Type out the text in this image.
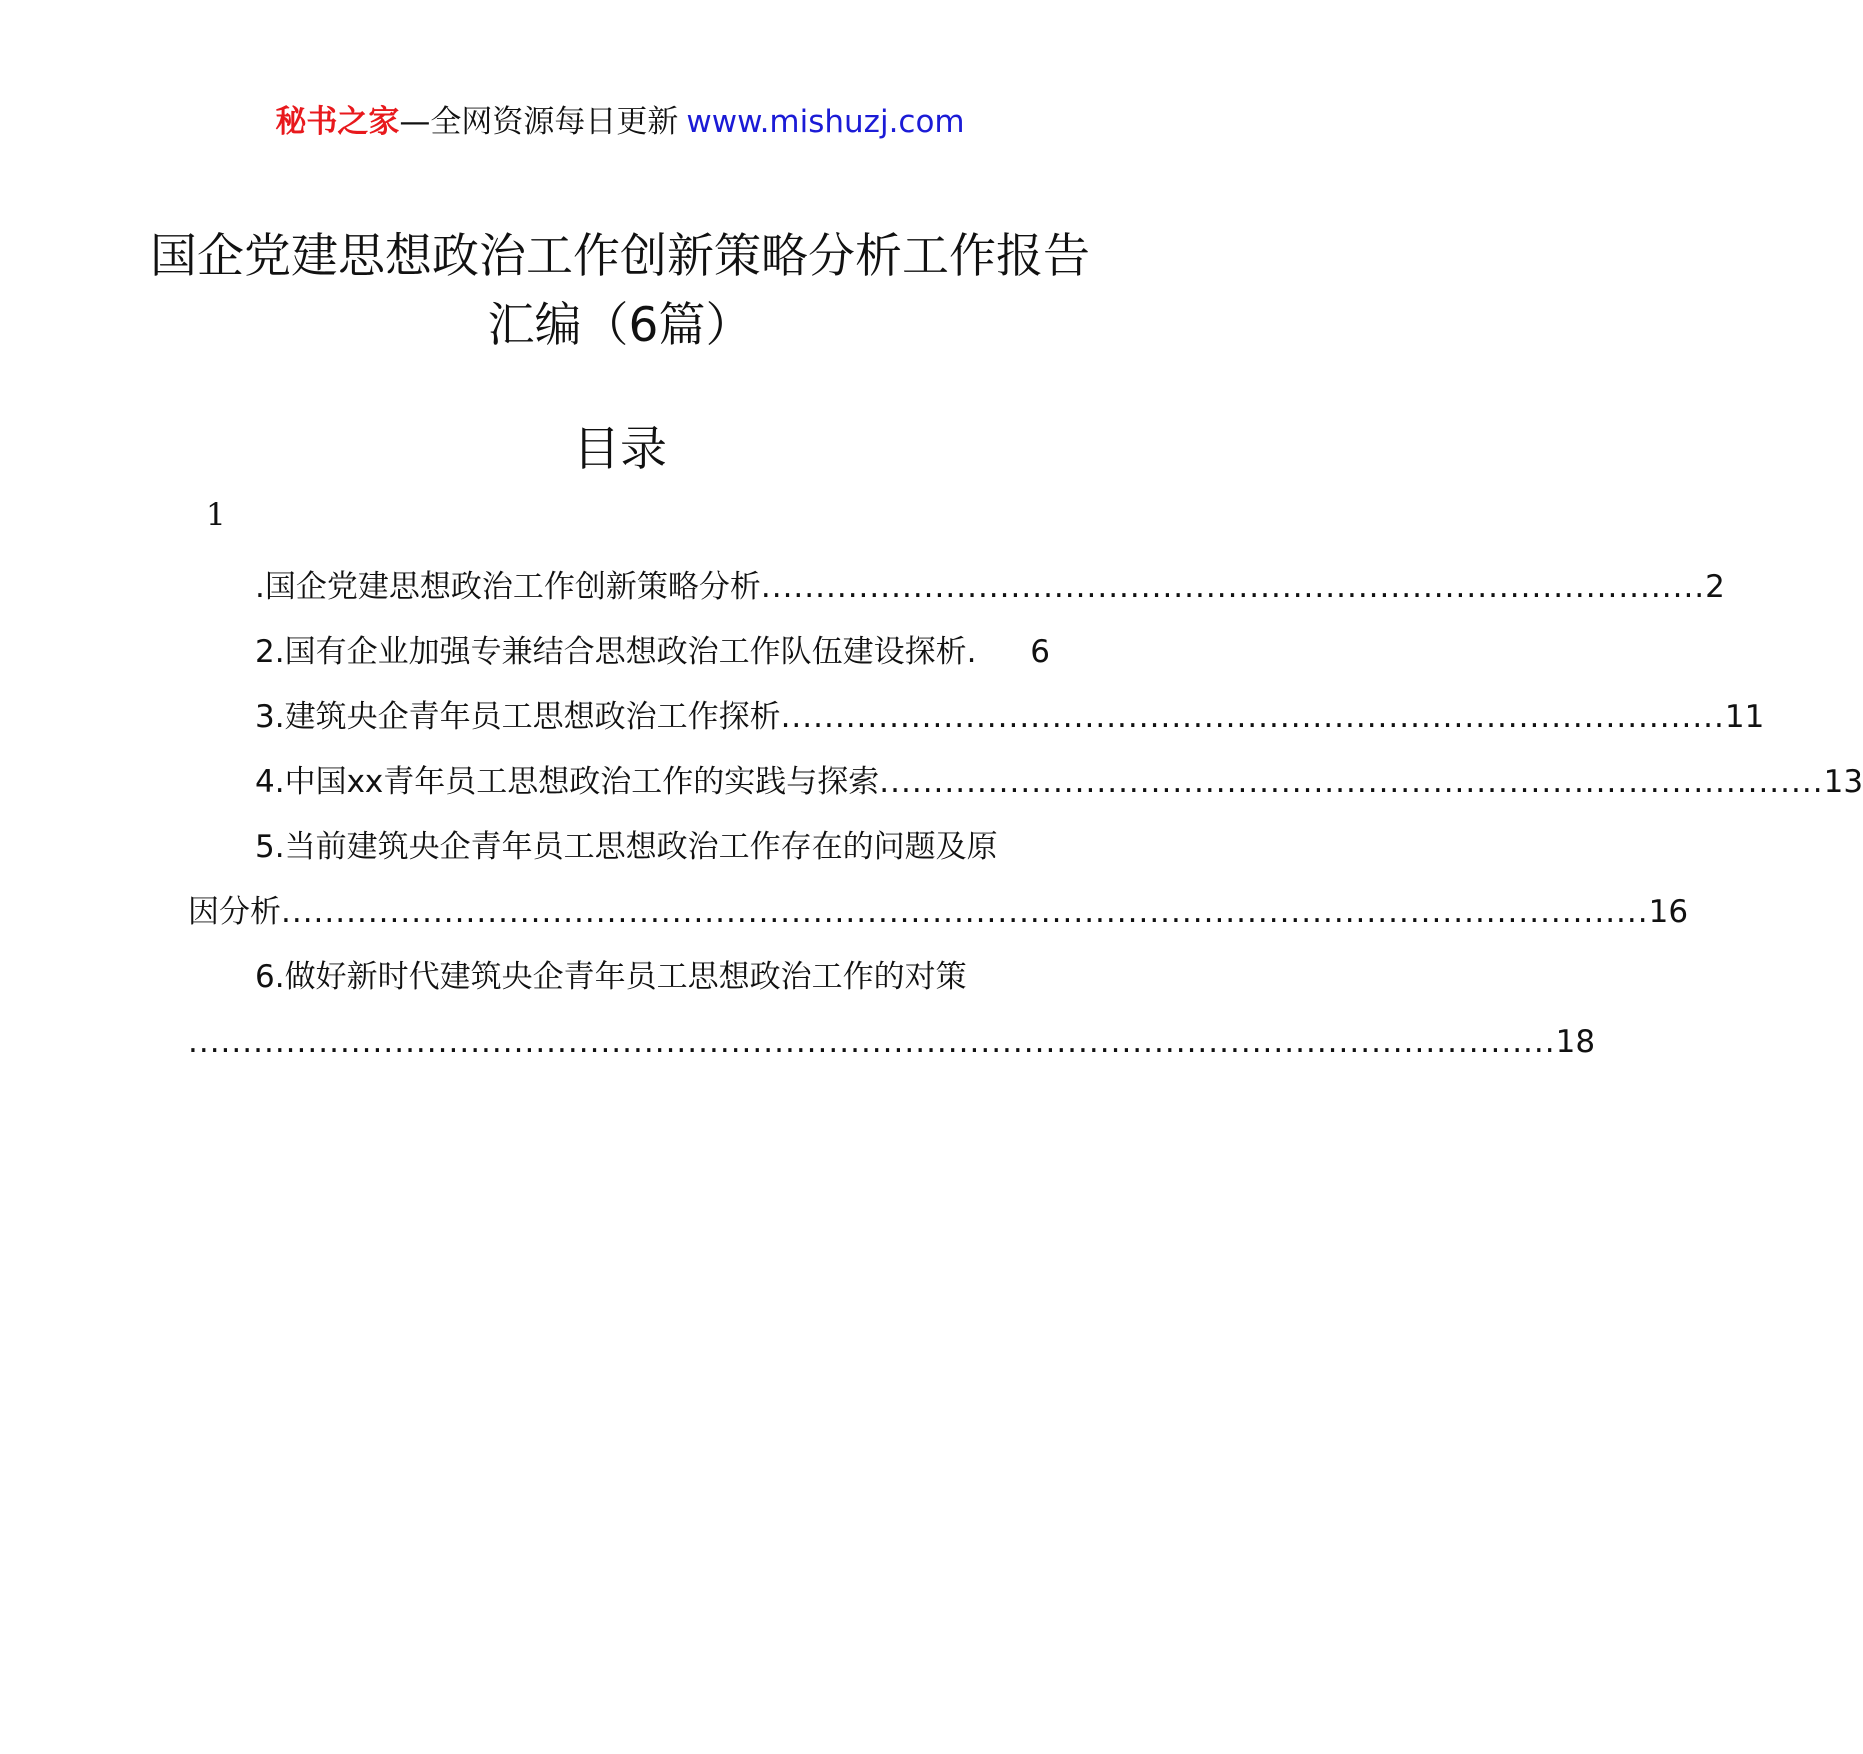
秘书之家—全网资源每日更新 www.mishuzj.com
国企党建思想政治工作创新策略分析工作报告汇编（6篇）
目录
1
.国企党建思想政治工作创新策略分析 ....................................................................................... 2
2.国有企业加强专兼结合思想政治工作队伍建设探析. 6
3.建筑央企青年员工思想政治工作探析 ....................................................................................... 11
4.中国xx青年员工思想政治工作的实践与探索 ....................................................................................... 13
5.当前建筑央企青年员工思想政治工作存在的问题及原
因分析 .............................................................................................................................. 16
6.做好新时代建筑央企青年员工思想政治工作的对策
.............................................................................................................................. 18
